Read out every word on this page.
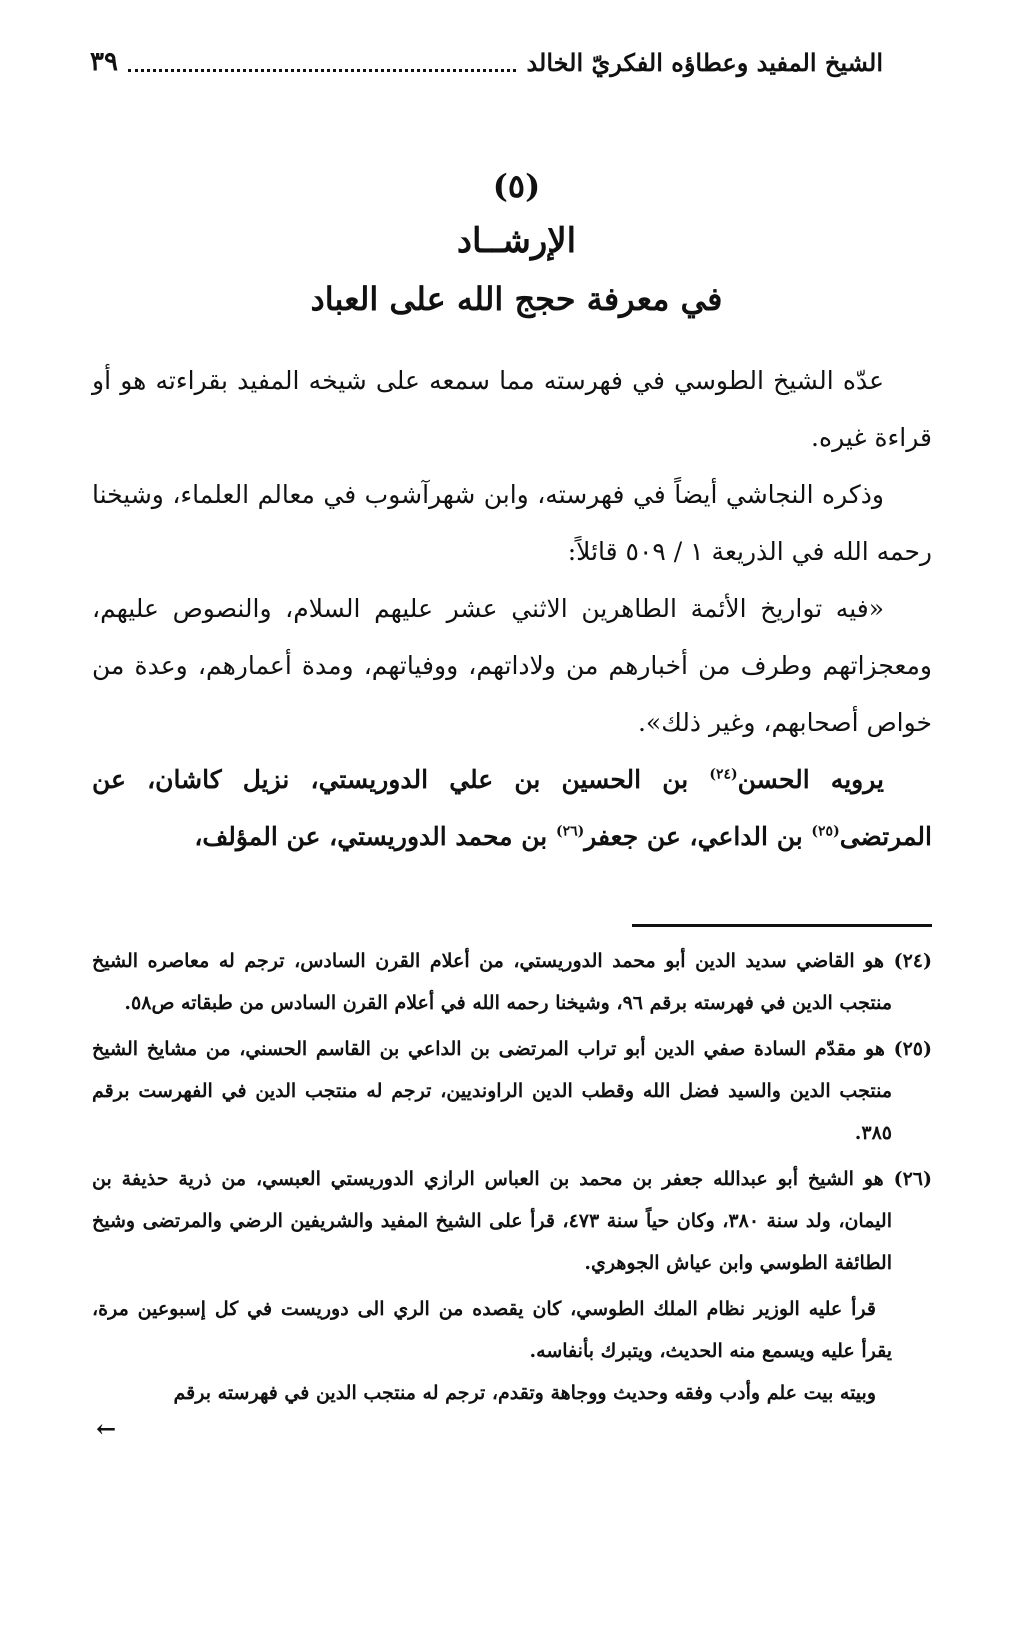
الشيخ المفيد وعطاؤه الفكريّ الخالد
٣٩
(٥)
الإرشــاد
في معرفة حجج الله على العباد

عدّه الشيخ الطوسي في فهرسته مما سمعه على شيخه المفيد بقراءته هو أو قراءة غيره.

وذكره النجاشي أيضاً في فهرسته، وابن شهرآشوب في معالم العلماء، وشيخنا رحمه الله في الذريعة ١ / ٥٠٩ قائلاً:

«فيه تواريخ الأئمة الطاهرين الاثني عشر عليهم السلام، والنصوص عليهم، ومعجزاتهم وطرف من أخبارهم من ولاداتهم، ووفياتهم، ومدة أعمارهم، وعدة من خواص أصحابهم، وغير ذلك».

يرويه الحسن$^{(٢٤)}$ بن الحسين بن علي الدوريستي، نزيل كاشان، عن المرتضى$^{(٢٥)}$ بن الداعي، عن جعفر$^{(٢٦)}$ بن محمد الدوريستي، عن المؤلف،

(٢٤) هو القاضي سديد الدين أبو محمد الدوريستي، من أعلام القرن السادس، ترجم له معاصره الشيخ منتجب الدين في فهرسته برقم ٩٦، وشيخنا رحمه الله في أعلام القرن السادس من طبقاته ص٥٨.

(٢٥) هو مقدّم السادة صفي الدين أبو تراب المرتضى بن الداعي بن القاسم الحسني، من مشايخ الشيخ منتجب الدين والسيد فضل الله وقطب الدين الراونديين، ترجم له منتجب الدين في الفهرست برقم ٣٨٥.

(٢٦) هو الشيخ أبو عبدالله جعفر بن محمد بن العباس الرازي الدوريستي العبسي، من ذرية حذيفة بن اليمان، ولد سنة ٣٨٠، وكان حياً سنة ٤٧٣، قرأ على الشيخ المفيد والشريفين الرضي والمرتضى وشيخ الطائفة الطوسي وابن عياش الجوهري.

قرأ عليه الوزير نظام الملك الطوسي، كان يقصده من الري الى دوريست في كل إسبوعين مرة، يقرأ عليه ويسمع منه الحديث، ويتبرك بأنفاسه.

وبيته بيت علم وأدب وفقه وحديث ووجاهة وتقدم، ترجم له منتجب الدين في فهرسته برقم

←
